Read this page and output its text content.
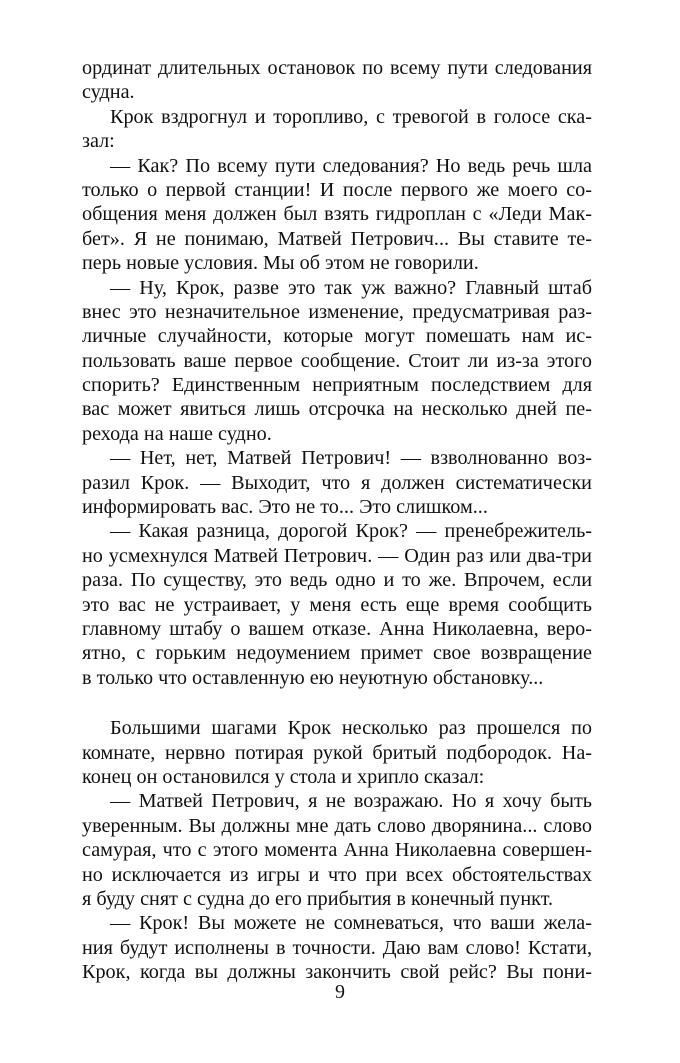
ординат длительных остановок по всему пути следования
судна.

Крок вздрогнул и торопливо, с тревогой в голосе ска-
зал:

— Как? По всему пути следования? Но ведь речь шла
только о первой станции! И после первого же моего со-
общения меня должен был взять гидроплан с «Леди Мак-
бет». Я не понимаю, Матвей Петрович... Вы ставите те-
перь новые условия. Мы об этом не говорили.

— Ну, Крок, разве это так уж важно? Главный штаб
внес это незначительное изменение, предусматривая раз-
личные случайности, которые могут помешать нам ис-
пользовать ваше первое сообщение. Стоит ли из-за этого
спорить? Единственным неприятным последствием для
вас может явиться лишь отсрочка на несколько дней пе-
рехода на наше судно.

— Нет, нет, Матвей Петрович! — взволнованно воз-
разил Крок. — Выходит, что я должен систематически
информировать вас. Это не то... Это слишком...

— Какая разница, дорогой Крок? — пренебрежитель-
но усмехнулся Матвей Петрович. — Один раз или два-три
раза. По существу, это ведь одно и то же. Впрочем, если
это вас не устраивает, у меня есть еще время сообщить
главному штабу о вашем отказе. Анна Николаевна, веро-
ятно, с горьким недоумением примет свое возвращение
в только что оставленную ею неуютную обстановку...

Большими шагами Крок несколько раз прошелся по
комнате, нервно потирая рукой бритый подбородок. На-
конец он остановился у стола и хрипло сказал:

— Матвей Петрович, я не возражаю. Но я хочу быть
уверенным. Вы должны мне дать слово дворянина... слово
самурая, что с этого момента Анна Николаевна совершен-
но исключается из игры и что при всех обстоятельствах
я буду снят с судна до его прибытия в конечный пункт.

— Крок! Вы можете не сомневаться, что ваши жела-
ния будут исполнены в точности. Даю вам слово! Кстати,
Крок, когда вы должны закончить свой рейс? Вы пони-

9
